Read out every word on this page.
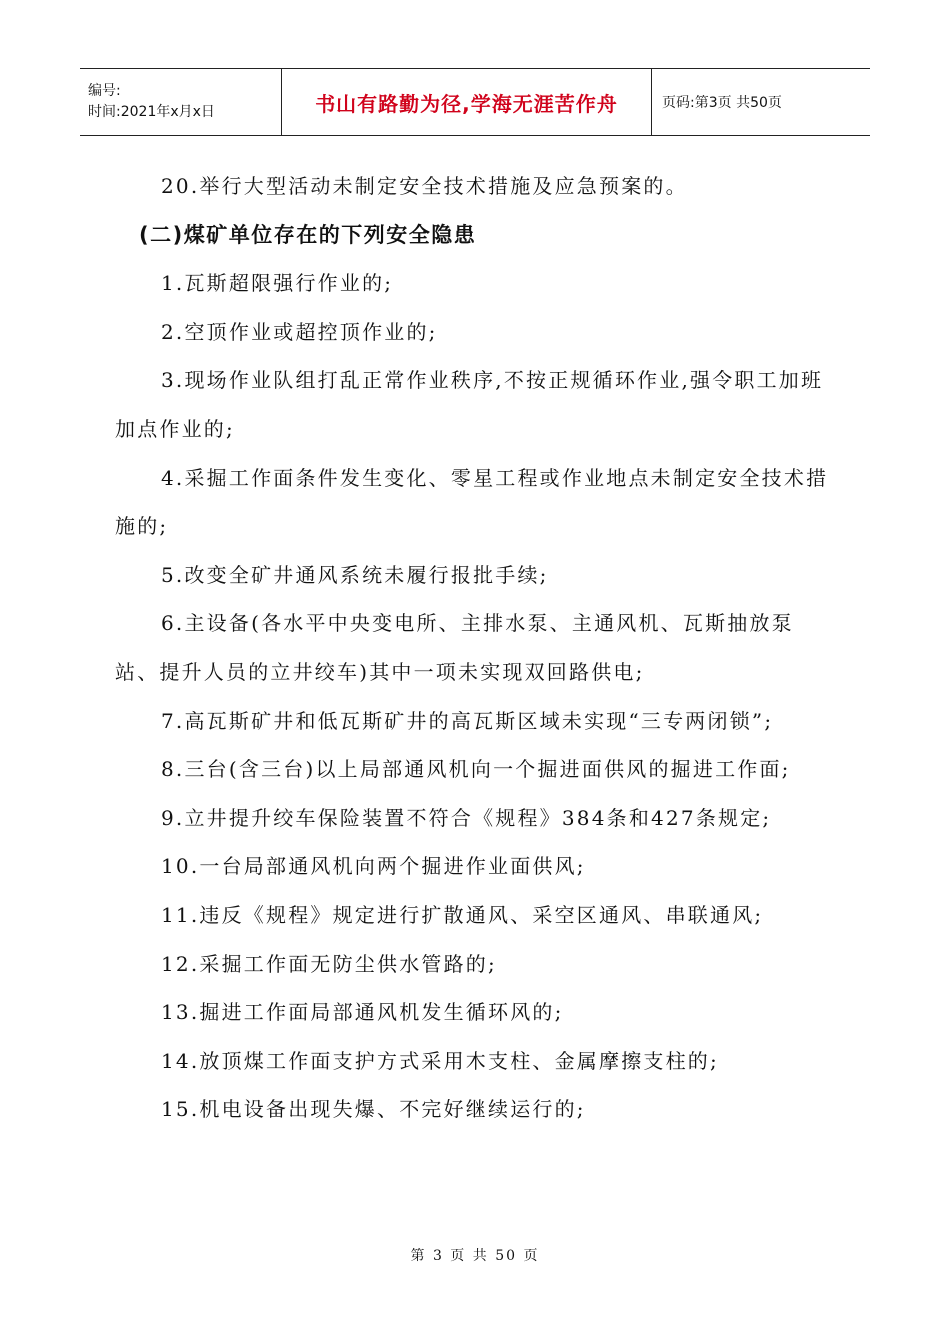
编号:
时间:2021年x月x日	书山有路勤为径,学海无涯苦作舟	页码:第3页 共50页

20.举行大型活动未制定安全技术措施及应急预案的。

(二)煤矿单位存在的下列安全隐患

1.瓦斯超限强行作业的;

2.空顶作业或超控顶作业的;

3.现场作业队组打乱正常作业秩序,不按正规循环作业,强令职工加班加点作业的;

4.采掘工作面条件发生变化、零星工程或作业地点未制定安全技术措施的;

5.改变全矿井通风系统未履行报批手续;

6.主设备(各水平中央变电所、主排水泵、主通风机、瓦斯抽放泵站、提升人员的立井绞车)其中一项未实现双回路供电;

7.高瓦斯矿井和低瓦斯矿井的高瓦斯区域未实现“三专两闭锁”;

8.三台(含三台)以上局部通风机向一个掘进面供风的掘进工作面;

9.立井提升绞车保险装置不符合《规程》384条和427条规定;

10.一台局部通风机向两个掘进作业面供风;

11.违反《规程》规定进行扩散通风、采空区通风、串联通风;

12.采掘工作面无防尘供水管路的;

13.掘进工作面局部通风机发生循环风的;

14.放顶煤工作面支护方式采用木支柱、金属摩擦支柱的;

15.机电设备出现失爆、不完好继续运行的;

第 3 页 共 50 页
